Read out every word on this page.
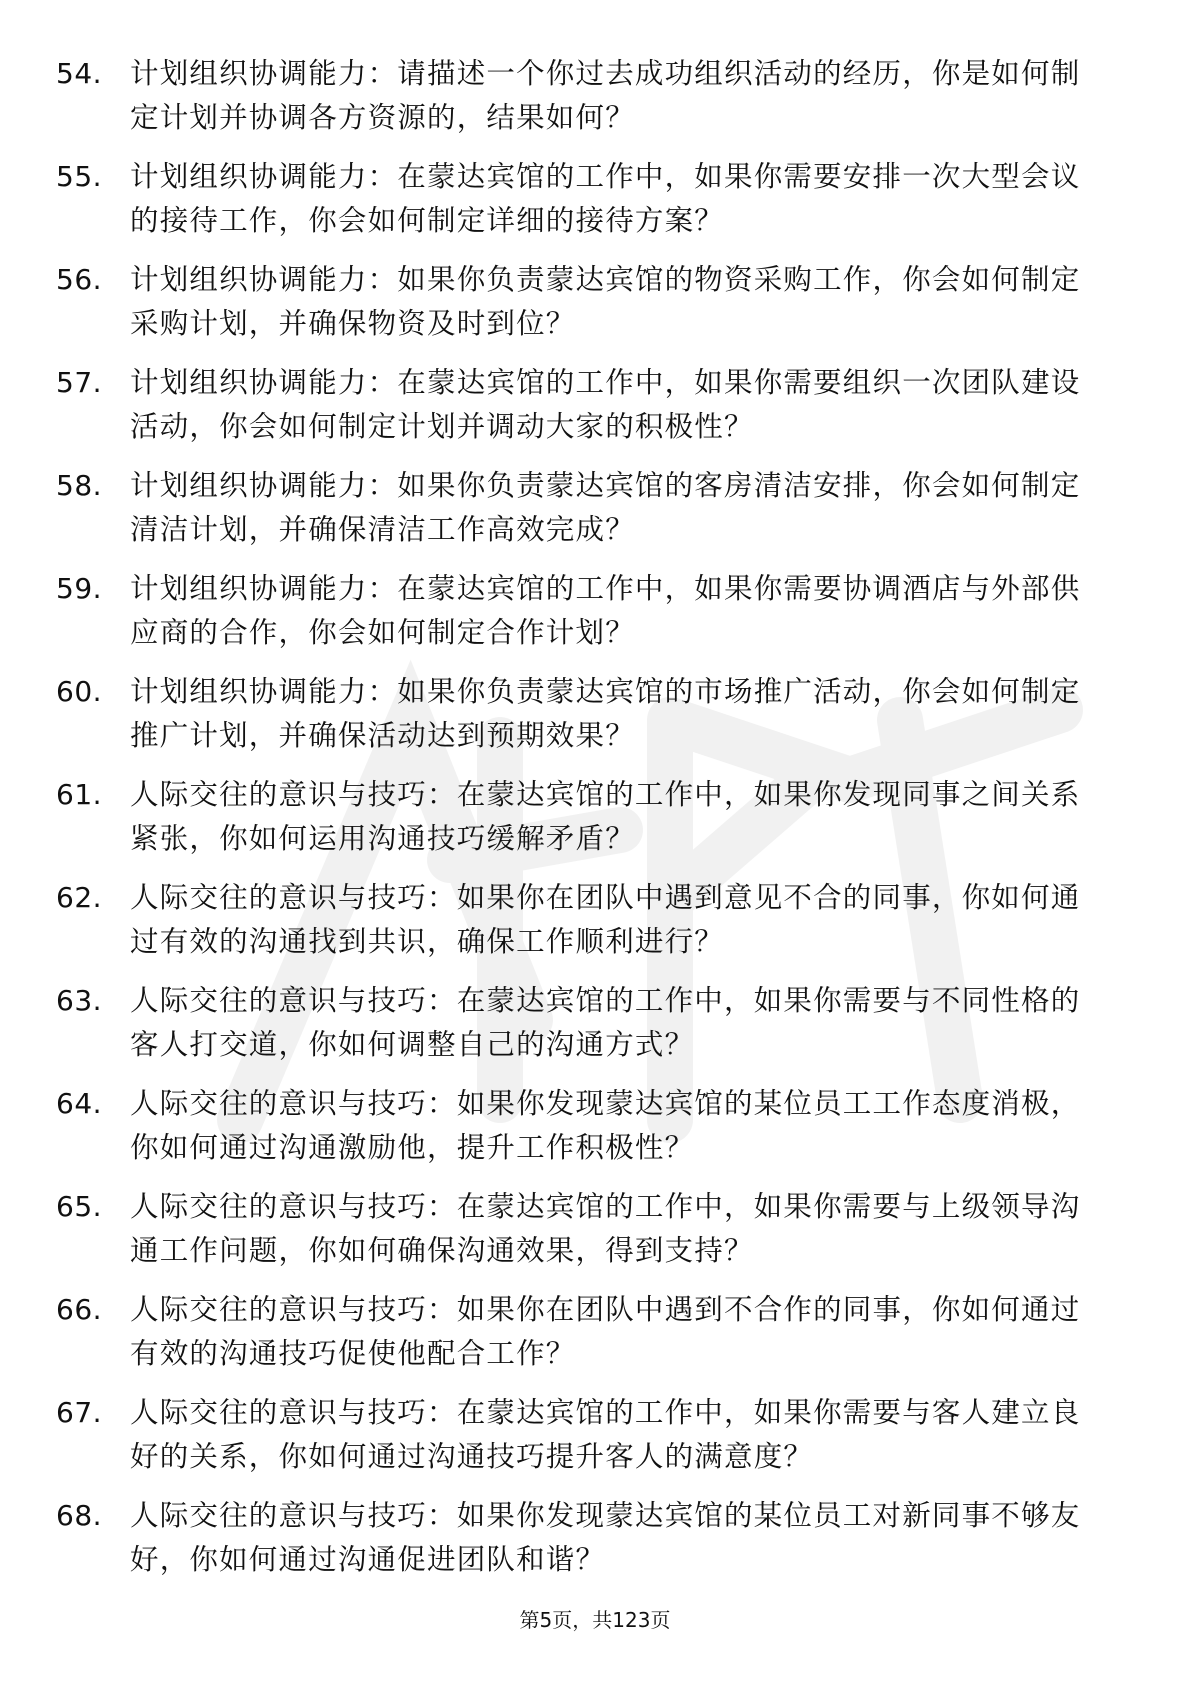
54. 计划组织协调能力：请描述一个你过去成功组织活动的经历，你是如何制定计划并协调各方资源的，结果如何？
55. 计划组织协调能力：在蒙达宾馆的工作中，如果你需要安排一次大型会议的接待工作，你会如何制定详细的接待方案？
56. 计划组织协调能力：如果你负责蒙达宾馆的物资采购工作，你会如何制定采购计划，并确保物资及时到位？
57. 计划组织协调能力：在蒙达宾馆的工作中，如果你需要组织一次团队建设活动，你会如何制定计划并调动大家的积极性？
58. 计划组织协调能力：如果你负责蒙达宾馆的客房清洁安排，你会如何制定清洁计划，并确保清洁工作高效完成？
59. 计划组织协调能力：在蒙达宾馆的工作中，如果你需要协调酒店与外部供应商的合作，你会如何制定合作计划？
60. 计划组织协调能力：如果你负责蒙达宾馆的市场推广活动，你会如何制定推广计划，并确保活动达到预期效果？
61. 人际交往的意识与技巧：在蒙达宾馆的工作中，如果你发现同事之间关系紧张，你如何运用沟通技巧缓解矛盾？
62. 人际交往的意识与技巧：如果你在团队中遇到意见不合的同事，你如何通过有效的沟通找到共识，确保工作顺利进行？
63. 人际交往的意识与技巧：在蒙达宾馆的工作中，如果你需要与不同性格的客人打交道，你如何调整自己的沟通方式？
64. 人际交往的意识与技巧：如果你发现蒙达宾馆的某位员工工作态度消极，你如何通过沟通激励他，提升工作积极性？
65. 人际交往的意识与技巧：在蒙达宾馆的工作中，如果你需要与上级领导沟通工作问题，你如何确保沟通效果，得到支持？
66. 人际交往的意识与技巧：如果你在团队中遇到不合作的同事，你如何通过有效的沟通技巧促使他配合工作？
67. 人际交往的意识与技巧：在蒙达宾馆的工作中，如果你需要与客人建立良好的关系，你如何通过沟通技巧提升客人的满意度？
68. 人际交往的意识与技巧：如果你发现蒙达宾馆的某位员工对新同事不够友好，你如何通过沟通促进团队和谐？
第5页，共123页
